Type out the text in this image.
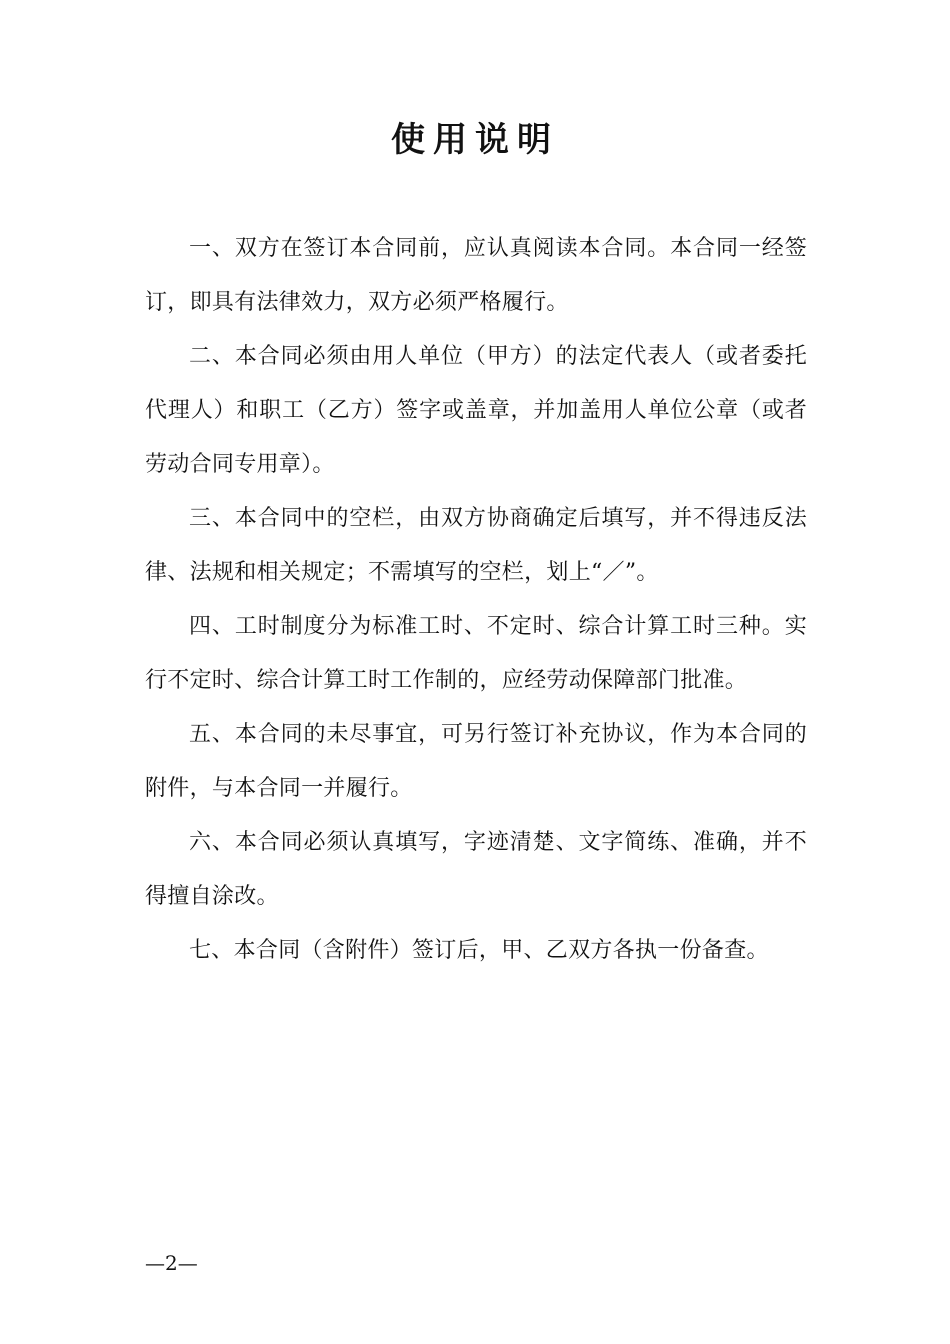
使用说明

一、双方在签订本合同前，应认真阅读本合同。本合同一经签订，即具有法律效力，双方必须严格履行。

二、本合同必须由用人单位（甲方）的法定代表人（或者委托代理人）和职工（乙方）签字或盖章，并加盖用人单位公章（或者劳动合同专用章）。

三、本合同中的空栏，由双方协商确定后填写，并不得违反法律、法规和相关规定；不需填写的空栏，划上“／”。

四、工时制度分为标准工时、不定时、综合计算工时三种。实行不定时、综合计算工时工作制的，应经劳动保障部门批准。

五、本合同的未尽事宜，可另行签订补充协议，作为本合同的附件，与本合同一并履行。

六、本合同必须认真填写，字迹清楚、文字简练、准确，并不得擅自涂改。

七、本合同（含附件）签订后，甲、乙双方各执一份备查。

—2—
